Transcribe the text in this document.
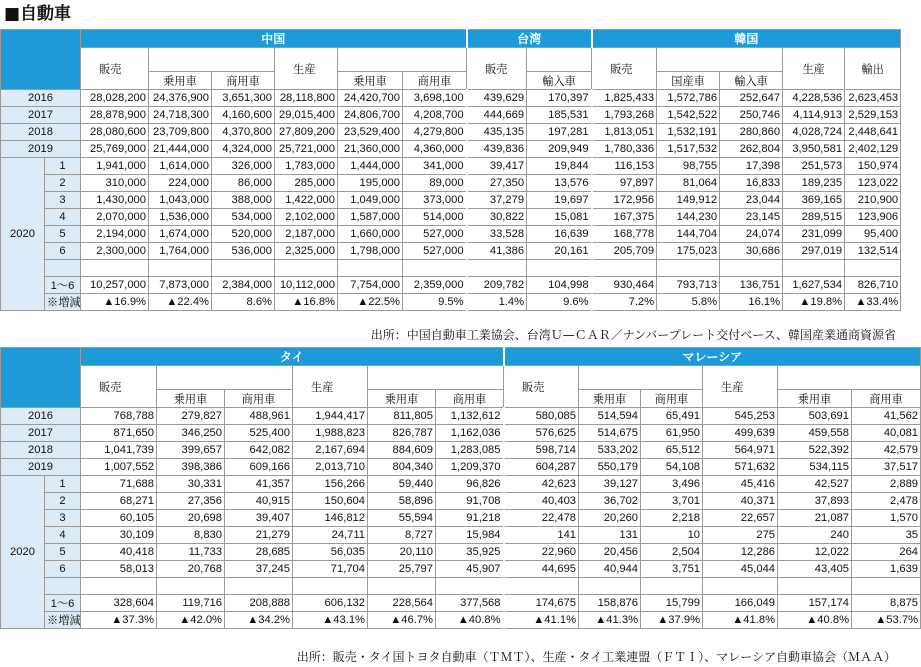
■自動車
		中国						台湾		韓国				
		販売			生産			販売		販売			生産	輸出
			乗用車	商用車		乗用車	商用車		輸入車		国産車	輸入車		
2016		28,028,200	24,376,900	3,651,300	28,118,800	24,420,700	3,698,100	439,629	170,397	1,825,433	1,572,786	252,647	4,228,536	2,623,453
2017		28,878,900	24,718,300	4,160,600	29,015,400	24,806,700	4,208,700	444,669	185,531	1,793,268	1,542,522	250,746	4,114,913	2,529,153
2018		28,080,600	23,709,800	4,370,800	27,809,200	23,529,400	4,279,800	435,135	197,281	1,813,051	1,532,191	280,860	4,028,724	2,448,641
2019		25,769,000	21,444,000	4,324,000	25,721,000	21,360,000	4,360,000	439,836	209,949	1,780,336	1,517,532	262,804	3,950,581	2,402,129
2020	1	1,941,000	1,614,000	326,000	1,783,000	1,444,000	341,000	39,417	19,844	116,153	98,755	17,398	251,573	150,974
	2	310,000	224,000	86,000	285,000	195,000	89,000	27,350	13,576	97,897	81,064	16,833	189,235	123,022
	3	1,430,000	1,043,000	388,000	1,422,000	1,049,000	373,000	37,279	19,697	172,956	149,912	23,044	369,165	210,900
	4	2,070,000	1,536,000	534,000	2,102,000	1,587,000	514,000	30,822	15,081	167,375	144,230	23,145	289,515	123,906
	5	2,194,000	1,674,000	520,000	2,187,000	1,660,000	527,000	33,528	16,639	168,778	144,704	24,074	231,099	95,400
	6	2,300,000	1,764,000	536,000	2,325,000	1,798,000	527,000	41,386	20,161	205,709	175,023	30,686	297,019	132,514

	1〜6	10,257,000	7,873,000	2,384,000	10,112,000	7,754,000	2,359,000	209,782	104,998	930,464	793,713	136,751	1,627,534	826,710
	※増減	▲16.9%	▲22.4%	8.6%	▲16.8%	▲22.5%	9.5%	1.4%	9.6%	7.2%	5.8%	16.1%	▲19.8%	▲33.4%
出所：中国自動車工業協会、台湾Ｕ—ＣＡＲ／ナンバープレート交付ベース、韓国産業通商資源省
		タイ						マレーシア					
		販売			生産			販売			生産		
			乗用車	商用車		乗用車	商用車		乗用車	商用車		乗用車	商用車
2016		768,788	279,827	488,961	1,944,417	811,805	1,132,612	580,085	514,594	65,491	545,253	503,691	41,562
2017		871,650	346,250	525,400	1,988,823	826,787	1,162,036	576,625	514,675	61,950	499,639	459,558	40,081
2018		1,041,739	399,657	642,082	2,167,694	884,609	1,283,085	598,714	533,202	65,512	564,971	522,392	42,579
2019		1,007,552	398,386	609,166	2,013,710	804,340	1,209,370	604,287	550,179	54,108	571,632	534,115	37,517
2020	1	71,688	30,331	41,357	156,266	59,440	96,826	42,623	39,127	3,496	45,416	42,527	2,889
	2	68,271	27,356	40,915	150,604	58,896	91,708	40,403	36,702	3,701	40,371	37,893	2,478
	3	60,105	20,698	39,407	146,812	55,594	91,218	22,478	20,260	2,218	22,657	21,087	1,570
	4	30,109	8,830	21,279	24,711	8,727	15,984	141	131	10	275	240	35
	5	40,418	11,733	28,685	56,035	20,110	35,925	22,960	20,456	2,504	12,286	12,022	264
	6	58,013	20,768	37,245	71,704	25,797	45,907	44,695	40,944	3,751	45,044	43,405	1,639

	1〜6	328,604	119,716	208,888	606,132	228,564	377,568	174,675	158,876	15,799	166,049	157,174	8,875
	※増減	▲37.3%	▲42.0%	▲34.2%	▲43.1%	▲46.7%	▲40.8%	▲41.1%	▲41.3%	▲37.9%	▲41.8%	▲40.8%	▲53.7%
出所：販売・タイ国トヨタ自動車（ＴＭＴ）、生産・タイ工業連盟（ＦＴＩ）、マレーシア自動車協会（ＭＡＡ）
